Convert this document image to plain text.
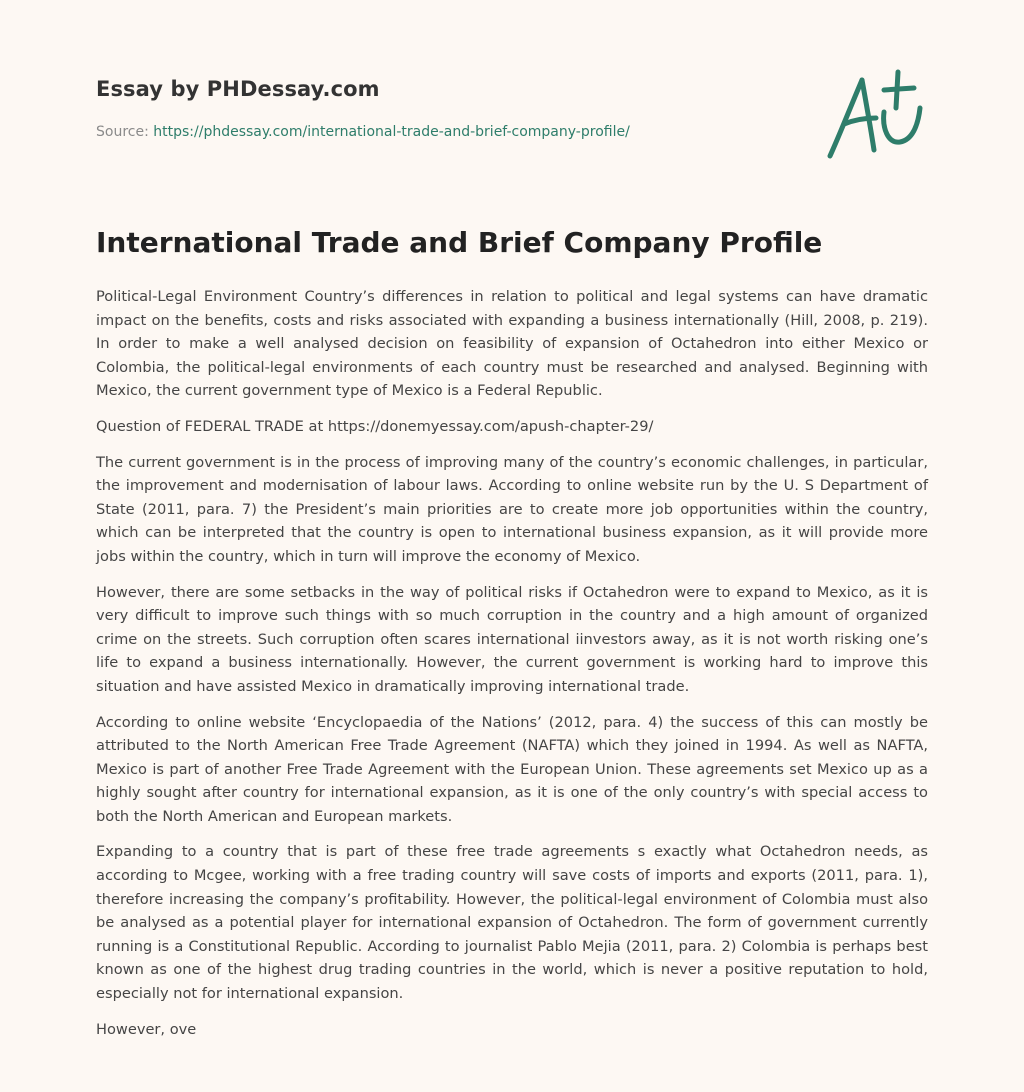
Essay by PHDessay.com
Source: https://phdessay.com/international-trade-and-brief-company-profile/
International Trade and Brief Company Profile

Political-Legal Environment Country’s differences in relation to political and legal systems can have dramatic impact on the benefits, costs and risks associated with expanding a business internationally (Hill, 2008, p. 219). In order to make a well analysed decision on feasibility of expansion of Octahedron into either Mexico or Colombia, the political-legal environments of each country must be researched and analysed. Beginning with Mexico, the current government type of Mexico is a Federal Republic.

Question of FEDERAL TRADE at https://donemyessay.com/apush-chapter-29/

The current government is in the process of improving many of the country’s economic challenges, in particular, the improvement and modernisation of labour laws. According to online website run by the U. S Department of State (2011, para. 7) the President’s main priorities are to create more job opportunities within the country, which can be interpreted that the country is open to international business expansion, as it will provide more jobs within the country, which in turn will improve the economy of Mexico.

However, there are some setbacks in the way of political risks if Octahedron were to expand to Mexico, as it is very difficult to improve such things with so much corruption in the country and a high amount of organized crime on the streets. Such corruption often scares international iinvestors away, as it is not worth risking one’s life to expand a business internationally. However, the current government is working hard to improve this situation and have assisted Mexico in dramatically improving international trade.

According to online website ‘Encyclopaedia of the Nations’ (2012, para. 4) the success of this can mostly be attributed to the North American Free Trade Agreement (NAFTA) which they joined in 1994. As well as NAFTA, Mexico is part of another Free Trade Agreement with the European Union. These agreements set Mexico up as a highly sought after country for international expansion, as it is one of the only country’s with special access to both the North American and European markets.

Expanding to a country that is part of these free trade agreements s exactly what Octahedron needs, as according to Mcgee, working with a free trading country will save costs of imports and exports (2011, para. 1), therefore increasing the company’s profitability. However, the political-legal environment of Colombia must also be analysed as a potential player for international expansion of Octahedron. The form of government currently running is a Constitutional Republic. According to journalist Pablo Mejia (2011, para. 2) Colombia is perhaps best known as one of the highest drug trading countries in the world, which is never a positive reputation to hold, especially not for international expansion.

However, ove
